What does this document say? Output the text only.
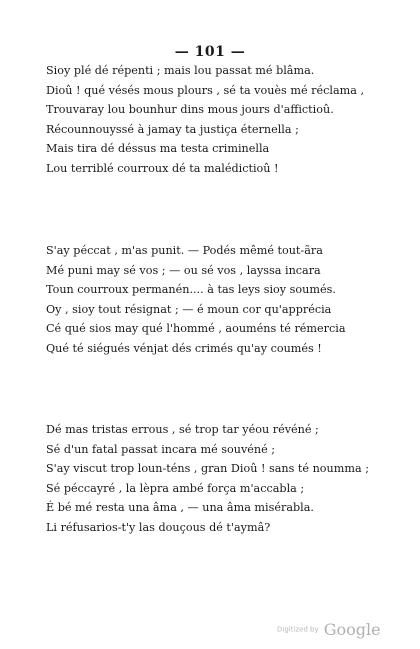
— 101 —
Sioy plé dé répenti ; mais lou passat mé blâma.
Dioû ! qué vésés mous plours , sé ta vouès mé réclama ,
Trouvaray lou bounhur dins mous jours d'affictioû.
Récounnouyssé à jamay ta justiça éternella ;
Mais tira dé déssus ma testa criminella
Lou terriblé courroux dé ta malédictioû !
S'ay péccat , m'as punit. — Podés mêmé tout-ãra
Mé puni may sé vos ; — ou sé vos , layssa incara
Toun courroux permanén.... à tas leys sioy soumés.
Oy , sioy tout résignat ; — é moun cor qu'apprécia
Cé qué sios may qué l'hommé , aouméns té rémercia
Qué té siégués vénjat dés crimés qu'ay coumés !
Dé mas tristas errous , sé trop tar yéou révéné ;
Sé d'un fatal passat incara mé souvéné ;
S'ay viscut trop loun-téns , gran Dioû ! sans té noumma ;
Sé péccayré , la lèpra ambé força m'accabla ;
É bé mé resta una âma , — una âma misérabla.
Li réfusarios-t'y las douçous dé t'aymâ?
Digitized by Google
